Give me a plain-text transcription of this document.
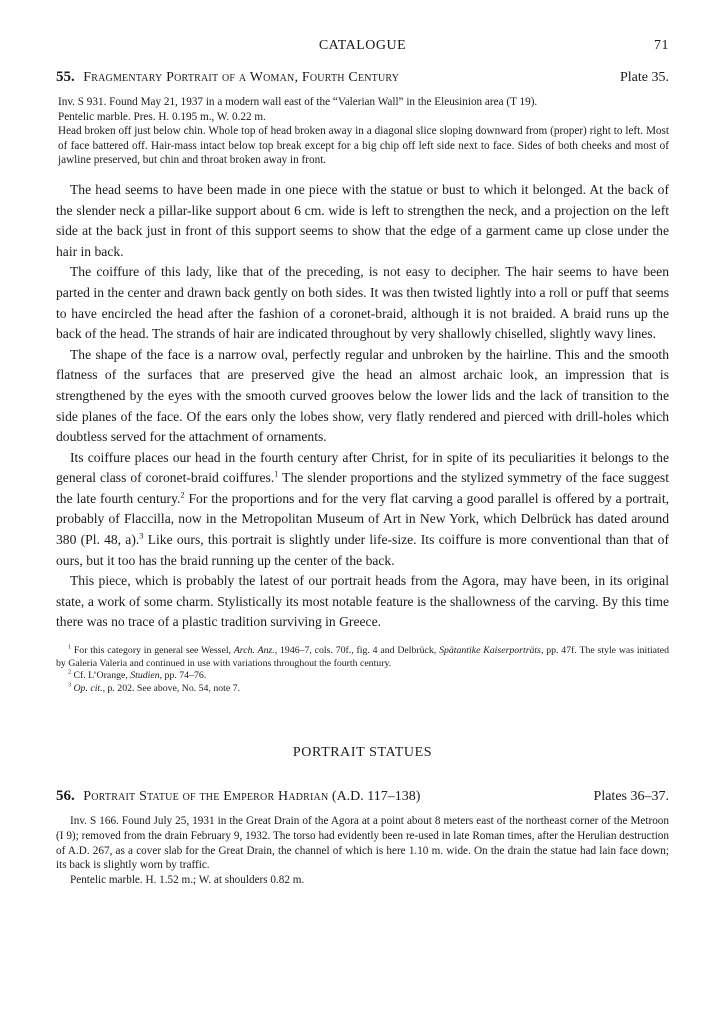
CATALOGUE	71
55. Fragmentary Portrait of a Woman, Fourth Century	Plate 35.

Inv. S 931. Found May 21, 1937 in a modern wall east of the “Valerian Wall” in the Eleusinion area (T 19).

Pentelic marble. Pres. H. 0.195 m., W. 0.22 m.

Head broken off just below chin. Whole top of head broken away in a diagonal slice sloping downward from (proper) right to left. Most of face battered off. Hair-mass intact below top break except for a big chip off left side next to face. Sides of both cheeks and most of jawline preserved, but chin and throat broken away in front.

The head seems to have been made in one piece with the statue or bust to which it belonged. At the back of the slender neck a pillar-like support about 6 cm. wide is left to strengthen the neck, and a projection on the left side at the back just in front of this support seems to show that the edge of a garment came up close under the hair in back.

The coiffure of this lady, like that of the preceding, is not easy to decipher. The hair seems to have been parted in the center and drawn back gently on both sides. It was then twisted lightly into a roll or puff that seems to have encircled the head after the fashion of a coronet-braid, although it is not braided. A braid runs up the back of the head. The strands of hair are indicated throughout by very shallowly chiselled, slightly wavy lines.

The shape of the face is a narrow oval, perfectly regular and unbroken by the hairline. This and the smooth flatness of the surfaces that are preserved give the head an almost archaic look, an impression that is strengthened by the eyes with the smooth curved grooves below the lower lids and the lack of transition to the side planes of the face. Of the ears only the lobes show, very flatly rendered and pierced with drill-holes which doubtless served for the attachment of ornaments.

Its coiffure places our head in the fourth century after Christ, for in spite of its peculiarities it belongs to the general class of coronet-braid coiffures.$^1$ The slender proportions and the stylized symmetry of the face suggest the late fourth century.$^2$ For the proportions and for the very flat carving a good parallel is offered by a portrait, probably of Flaccilla, now in the Metropolitan Museum of Art in New York, which Delbrück has dated around 380 (Pl. 48, a).$^3$ Like ours, this portrait is slightly under life-size. Its coiffure is more conventional than that of ours, but it too has the braid running up the center of the back.

This piece, which is probably the latest of our portrait heads from the Agora, may have been, in its original state, a work of some charm. Stylistically its most notable feature is the shallowness of the carving. By this time there was no trace of a plastic tradition surviving in Greece.

$^1$ For this category in general see Wessel, Arch. Anz., 1946–7, cols. 70f., fig. 4 and Delbrück, Spätantike Kaiserporträts, pp. 47f. The style was initiated by Galeria Valeria and continued in use with variations throughout the fourth century.

$^2$ Cf. L’Orange, Studien, pp. 74–76.

$^3$ Op. cit., p. 202. See above, No. 54, note 7.

PORTRAIT STATUES
56. Portrait Statue of the Emperor Hadrian (A.D. 117–138)	Plates 36–37.

Inv. S 166. Found July 25, 1931 in the Great Drain of the Agora at a point about 8 meters east of the northeast corner of the Metroon (I 9); removed from the drain February 9, 1932. The torso had evidently been re-used in late Roman times, after the Herulian destruction of A.D. 267, as a cover slab for the Great Drain, the channel of which is here 1.10 m. wide. On the drain the statue had lain face down; its back is slightly worn by traffic.

Pentelic marble. H. 1.52 m.; W. at shoulders 0.82 m.
